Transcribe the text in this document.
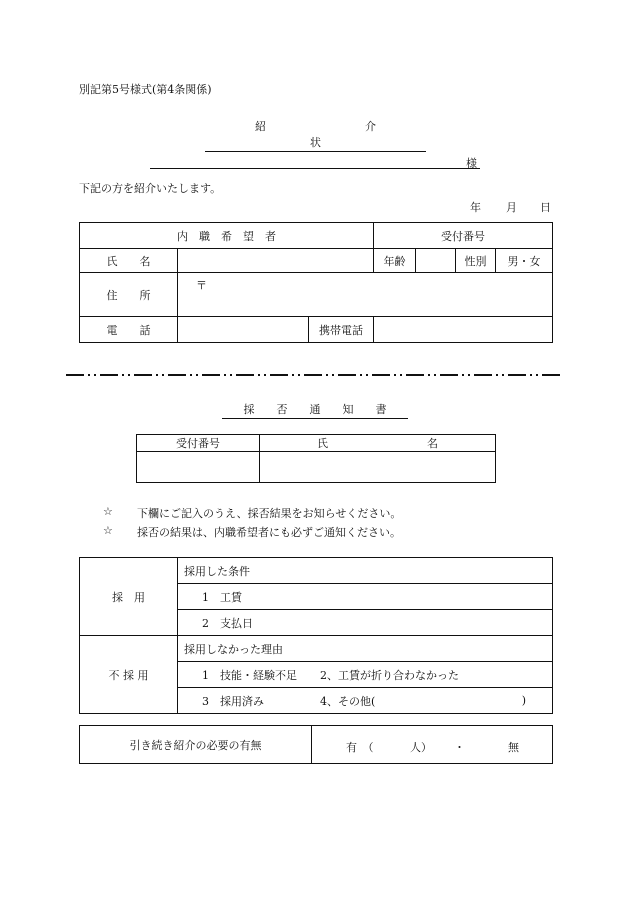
別記第5号様式(第4条関係)
紹　　　　　　　　　介　　　　　　　　　状
様
下記の方を紹介いたします。
年 月 日
内　職　希　望　者			受付番号			
氏　　名			年齢		性別	男・女
住　　所	〒					
電　　話		携帯電話				
採　　否　　通　　知　　書
受付番号	氏　　　　　　　　　名

☆ 下欄にご記入のうえ、採否結果をお知らせください。
☆ 採否の結果は、内職希望者にも必ずご通知ください。
採　用	採用した条件
	1　工賃
	2　支払日
不 採 用	採用しなかった理由
	1　技能・経験不足 2、工賃が折り合わなかった
	3　採用済み 4、その他( )
引き続き紹介の必要の有無	有　（	人） ・	無
